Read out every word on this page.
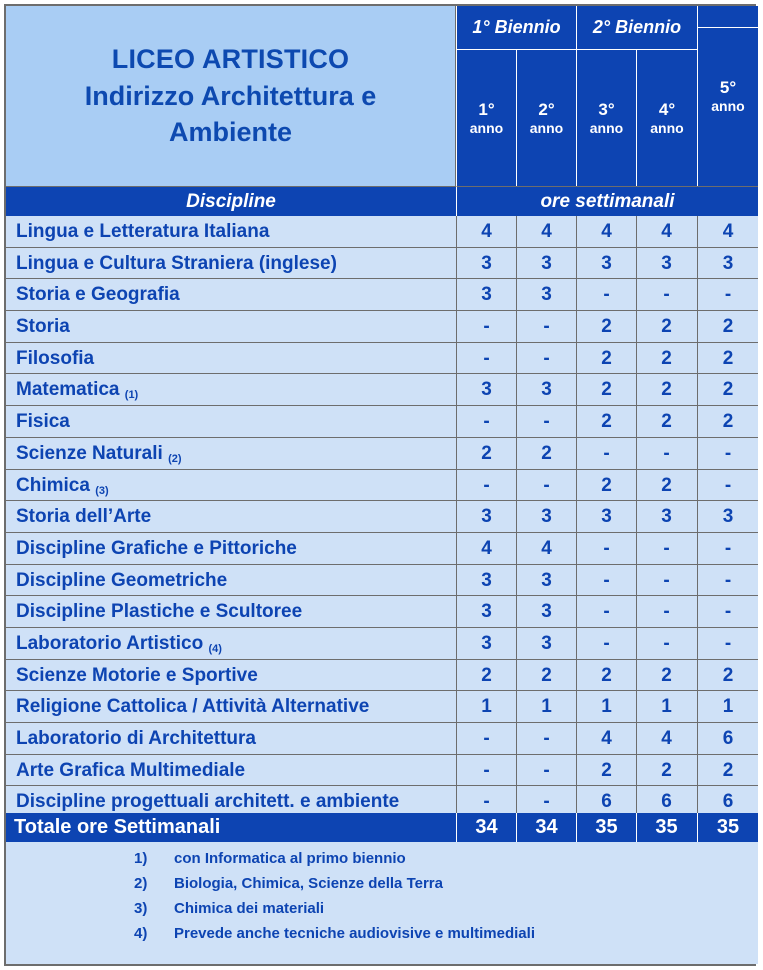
LICEO ARTISTICO
Indirizzo Architettura e
Ambiente
1° Biennio	2° Biennio
1°
anno
2°
anno
3°
anno
4°
anno
5°
anno
Discipline	ore settimanali
Lingua e Letteratura Italiana	4	4	4	4	4
Lingua e Cultura Straniera (inglese)	3	3	3	3	3
Storia e Geografia	3	3	-	-	-
Storia	-	-	2	2	2
Filosofia	-	-	2	2	2
Matematica $_{(1)}$	3	3	2	2	2
Fisica	-	-	2	2	2
Scienze Naturali $_{(2)}$	2	2	-	-	-
Chimica $_{(3)}$	-	-	2	2	-
Storia dell’Arte	3	3	3	3	3
Discipline Grafiche e Pittoriche	4	4	-	-	-
Discipline Geometriche	3	3	-	-	-
Discipline Plastiche e Scultoree	3	3	-	-	-
Laboratorio Artistico $_{(4)}$	3	3	-	-	-
Scienze Motorie e Sportive	2	2	2	2	2
Religione Cattolica / Attività Alternative	1	1	1	1	1
Laboratorio di Architettura	-	-	4	4	6
Arte Grafica Multimediale	-	-	2	2	2
Discipline progettuali architett. e ambiente	-	-	6	6	6
Totale ore Settimanali	34	34	35	35	35
1) con Informatica al primo biennio
2) Biologia, Chimica, Scienze della Terra
3) Chimica dei materiali
4) Prevede anche tecniche audiovisive e multimediali
